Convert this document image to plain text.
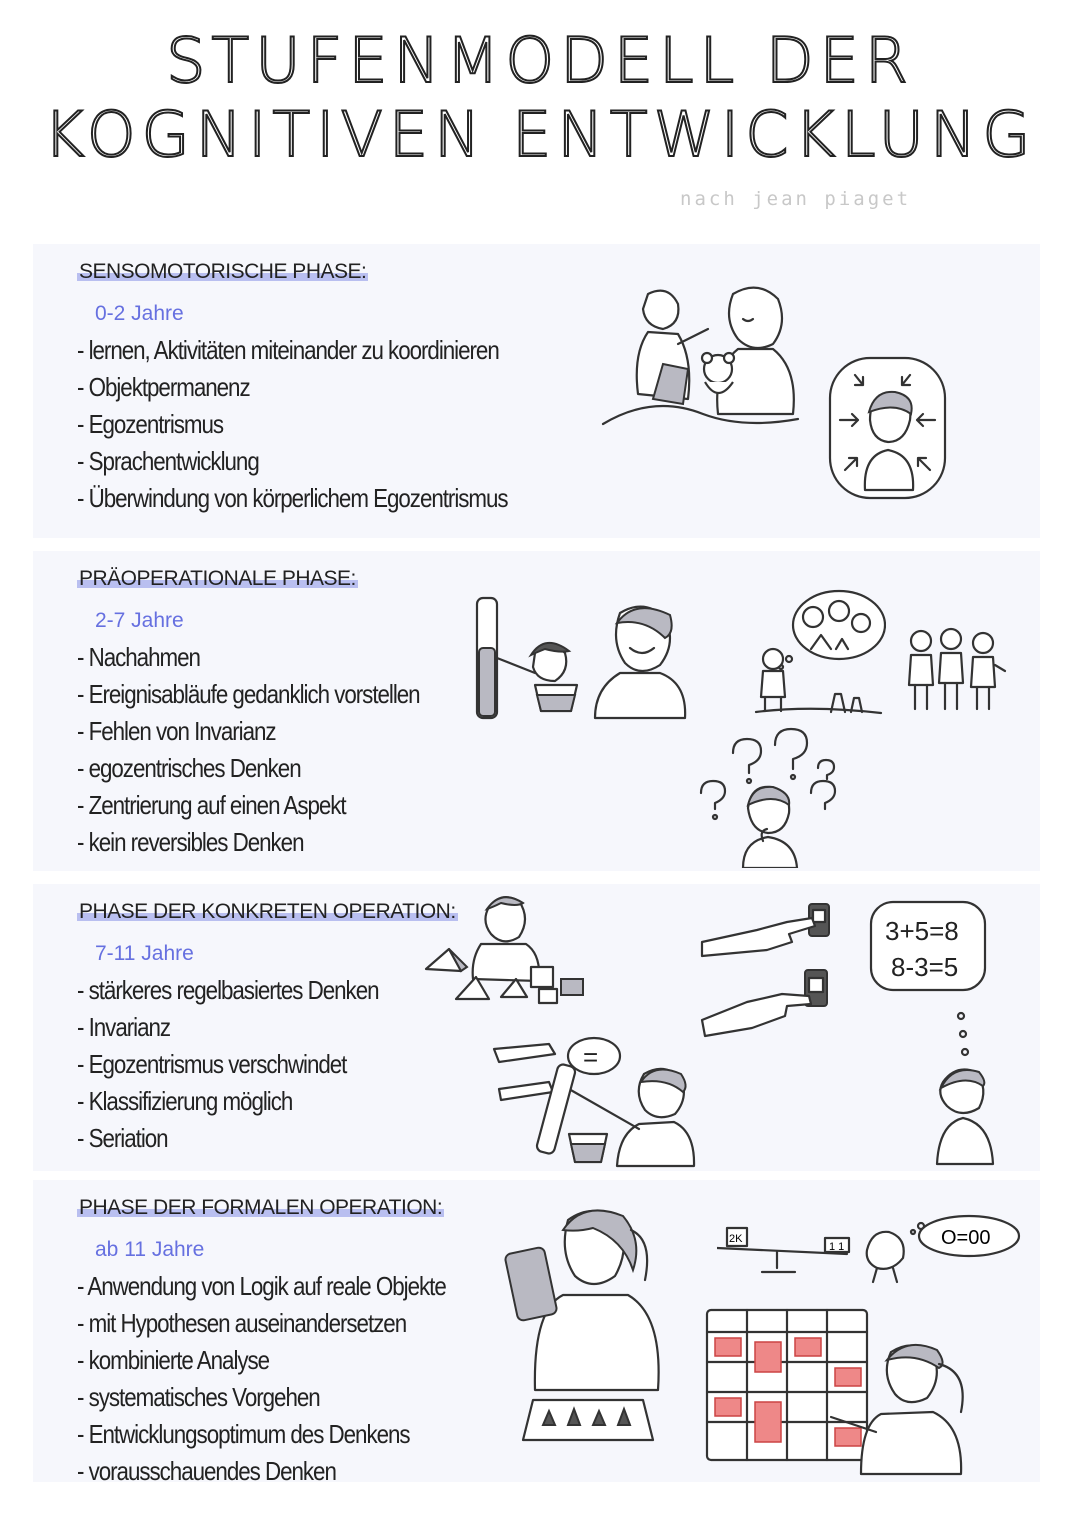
STUFENMODELL DER
KOGNITIVEN ENTWICKLUNG
nach jean piaget
SENSOMOTORISCHE PHASE:
0-2 Jahre
- lernen, Aktivitäten miteinander zu koordinieren
- Objektpermanenz
- Egozentrismus
- Sprachentwicklung
- Überwindung von körperlichem Egozentrismus
PRÄOPERATIONALE PHASE:
2-7 Jahre
- Nachahmen
- Ereignisabläufe gedanklich vorstellen
- Fehlen von Invarianz
- egozentrisches Denken
- Zentrierung auf einen Aspekt
- kein reversibles Denken
PHASE DER KONKRETEN OPERATION:
7-11 Jahre
- stärkeres regelbasiertes Denken
- Invarianz
- Egozentrismus verschwindet
- Klassifizierung möglich
- Seriation
3+5=8
8-3=5
=
PHASE DER FORMALEN OPERATION:
ab 11 Jahre
- Anwendung von Logik auf reale Objekte
- mit Hypothesen auseinandersetzen
- kombinierte Analyse
- systematisches Vorgehen
- Entwicklungsoptimum des Denkens
- vorausschauendes Denken
2K
1 1	O=00
